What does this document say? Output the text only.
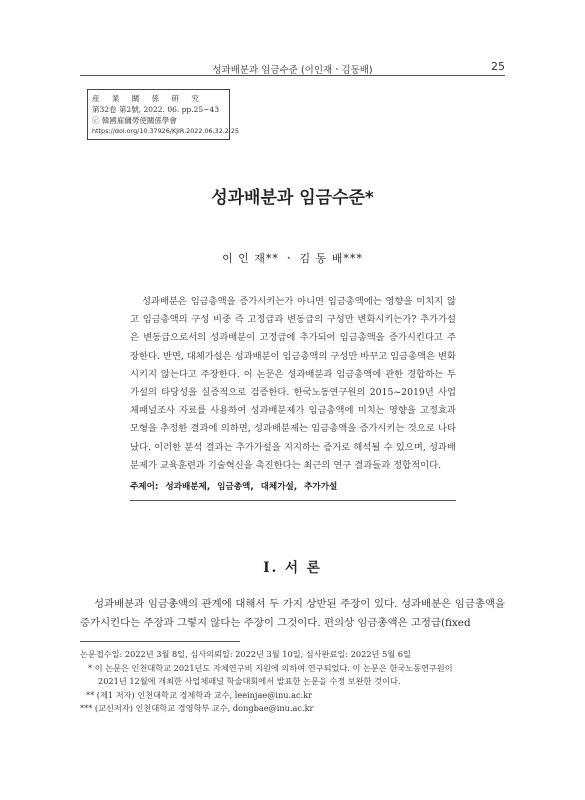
성과배분과 임금수준 (이인재ㆍ김동배)	25
産 業 關 係 硏 究
第32卷 第2號, 2022. 06. pp.25~43
ⓒ 韓國雇傭勞使關係學會
https://doi.org/10.37926/KJIR.2022.06.32.2.25
성과배분과 임금수준*
이 인 재** ㆍ 김 동 배***
성과배분은 임금총액을 증가시키는가 아니면 임금총액에는 영향을 미치지 않고 임금총액의 구성 비중 즉 고정급과 변동급의 구성만 변화시키는가? 추가가설은 변동급으로서의 성과배분이 고정급에 추가되어 임금총액을 증가시킨다고 주장한다. 반면, 대체가설은 성과배분이 임금총액의 구성만 바꾸고 임금총액은 변화시키지 않는다고 주장한다. 이 논문은 성과배분과 임금총액에 관한 경합하는 두 가설의 타당성을 실증적으로 검증한다. 한국노동연구원의 2015~2019년 사업체패널조사 자료를 사용하여 성과배분제가 임금총액에 미치는 영향을 고정효과모형을 추정한 결과에 의하면, 성과배분제는 임금총액을 증가시키는 것으로 나타났다. 이러한 분석 결과는 추가가설을 지지하는 증거로 해석될 수 있으며, 성과배분제가 교육훈련과 기술혁신을 촉진한다는 최근의 연구 결과들과 정합적이다.
주제어: 성과배분제, 임금총액, 대체가설, 추가가설
Ⅰ. 서 론
성과배분과 임금총액의 관계에 대해서 두 가지 상반된 주장이 있다. 성과배분은 임금총액을 증가시킨다는 주장과 그렇지 않다는 주장이 그것이다. 편의상 임금총액은 고정급(fixed
논문접수일: 2022년 3월 8일, 심사의뢰일: 2022년 3월 10일, 심사완료일: 2022년 5월 6일
* 이 논문은 인천대학교 2021년도 자체연구비 지원에 의하여 연구되었다. 이 논문은 한국노동연구원이
2021년 12월에 개최한 사업체패널 학술대회에서 발표한 논문을 수정 보완한 것이다.
** (제1 저자) 인천대학교 경제학과 교수, leeinjae@inu.ac.kr
*** (교신저자) 인천대학교 경영학부 교수, dongbae@inu.ac.kr
